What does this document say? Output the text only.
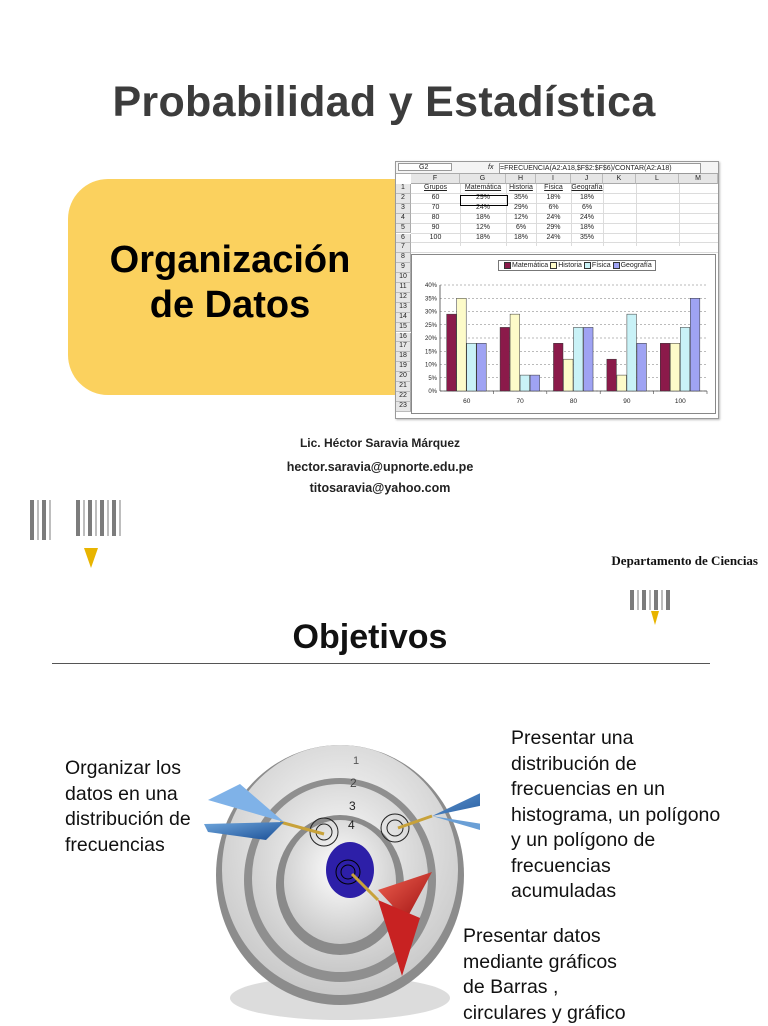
Probabilidad y Estadística
Organización
de Datos
G2	fx =FRECUENCIA(A2:A18,$F$2:$F$6)/CONTAR(A2:A18)
F	G	H	I	J	K	L	M
1
2
3
4
5
6
7
8
9
10
11
12
13
14
15
16
17
18
19
20
21
22
23
Grupos	Matemática	Historia	Física	Geografía
60	29%	35%	18%	18%
70	24%	29%	6%	6%
80	18%	12%	24%	24%
90	12%	6%	29%	18%
100	18%	18%	24%	35%
0%
5%
10%
15%
20%
25%
30%
35%
40%
60	70	80	90	100
Matemática Historia Física Geografía
Lic. Héctor Saravia Márquez
hector.saravia@upnorte.edu.pe
titosaravia@yahoo.com
Departamento de Ciencias
Objetivos
1
2
3
4
Organizar los
datos en una
distribución de
frecuencias
Presentar una
distribución de
frecuencias en un
histograma, un polígono
y un polígono de
frecuencias
acumuladas
Presentar datos
mediante gráficos
de Barras ,
circulares y gráfico
